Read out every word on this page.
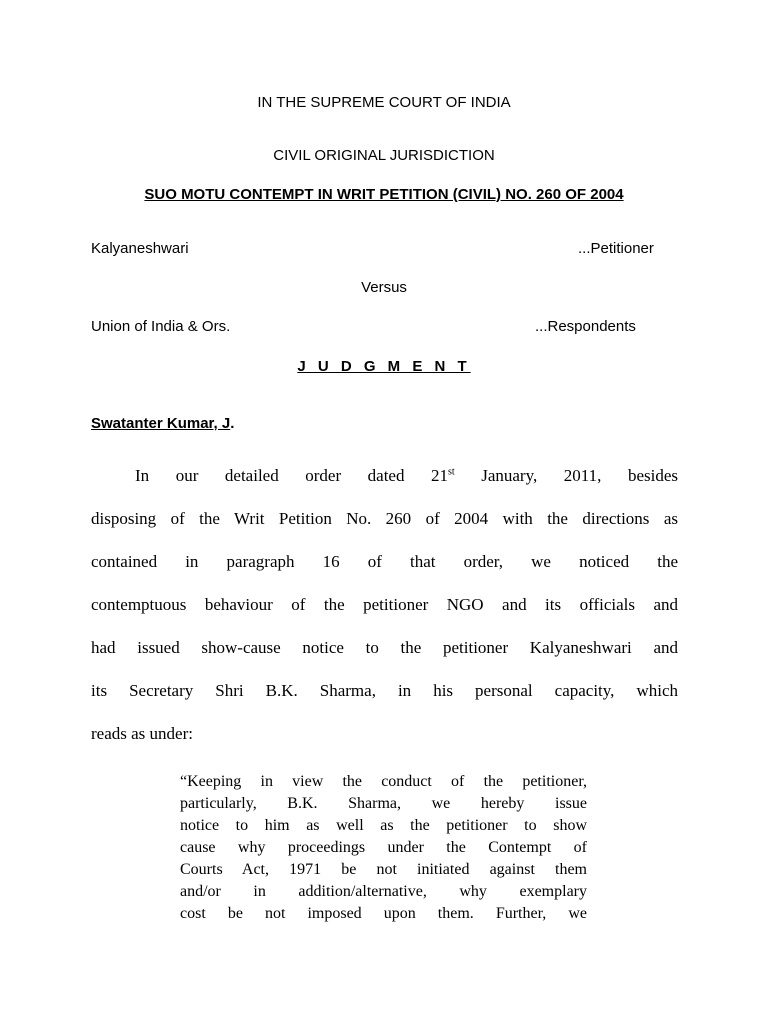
IN THE SUPREME COURT OF INDIA
CIVIL ORIGINAL JURISDICTION
SUO MOTU CONTEMPT IN WRIT PETITION (CIVIL) NO. 260 OF 2004
Kalyaneshwari	...Petitioner
Versus
Union of India & Ors.	...Respondents
J U D G M E N T
Swatanter Kumar, J.
In our detailed order dated 21st January, 2011, besides
disposing of the Writ Petition No. 260 of 2004 with the directions as
contained in paragraph 16 of that order, we noticed the
contemptuous behaviour of the petitioner NGO and its officials and
had issued show-cause notice to the petitioner Kalyaneshwari and
its Secretary Shri B.K. Sharma, in his personal capacity, which
reads as under:
“Keeping in view the conduct of the petitioner,
particularly, B.K. Sharma, we hereby issue
notice to him as well as the petitioner to show
cause why proceedings under the Contempt of
Courts Act, 1971 be not initiated against them
and/or in addition/alternative, why exemplary
cost be not imposed upon them. Further, we
